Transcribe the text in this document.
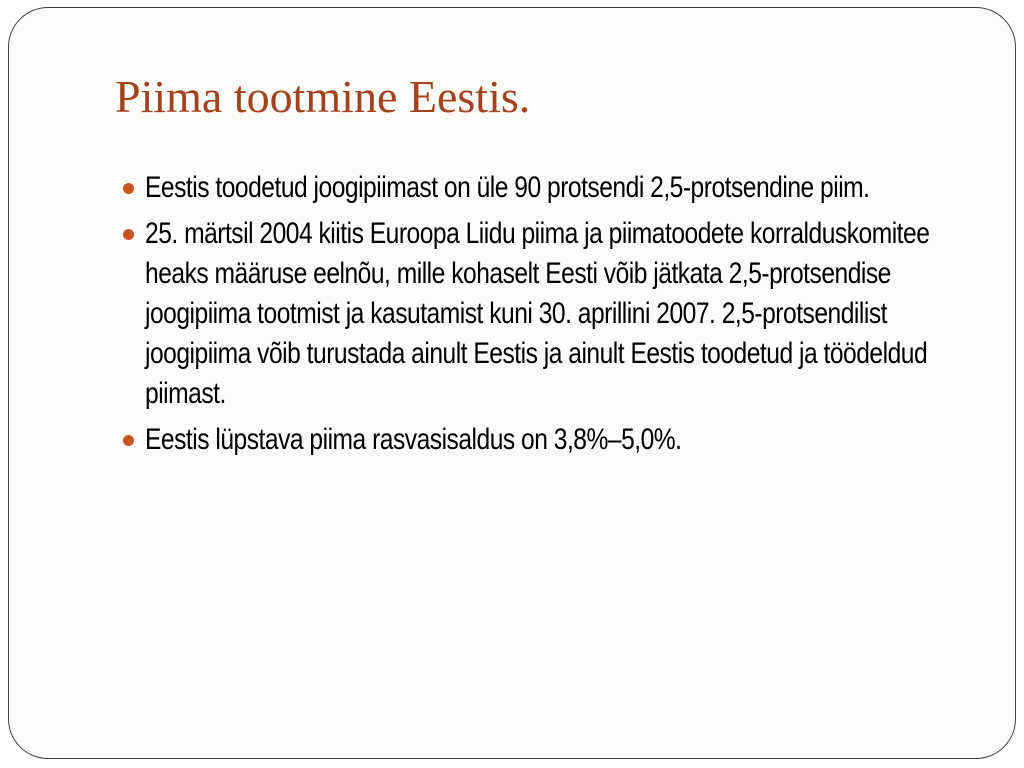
Piima tootmine Eestis.
Eestis toodetud joogipiimast on üle 90 protsendi 2,5-protsendine piim.
25. märtsil 2004 kiitis Euroopa Liidu piima ja piimatoodete korralduskomitee heaks määruse eelnõu, mille kohaselt Eesti võib jätkata 2,5-protsendise joogipiima tootmist ja kasutamist kuni 30. aprillini 2007. 2,5-protsendilist joogipiima võib turustada ainult Eestis ja ainult Eestis toodetud ja töödeldud piimast.
Eestis lüpstava piima rasvasisaldus on 3,8%–5,0%.
